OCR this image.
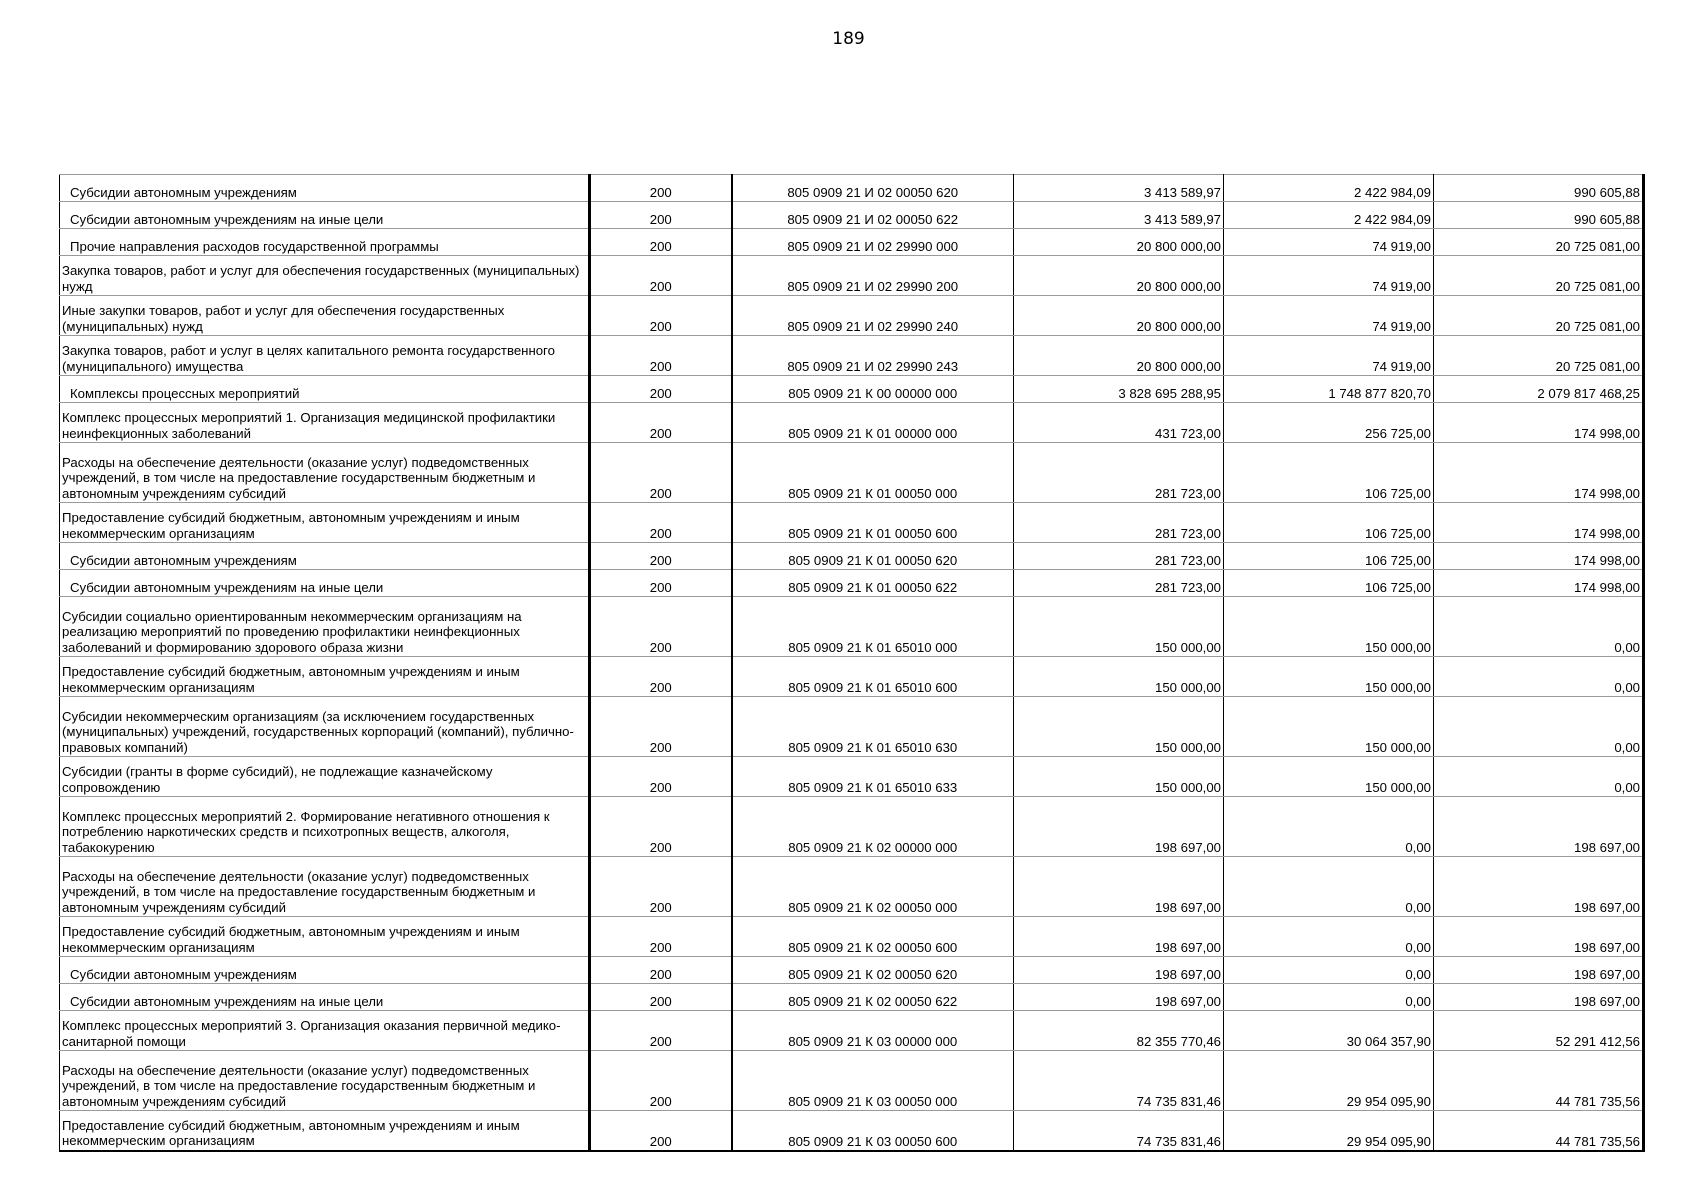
189
Субсидии автономным учреждениям	200	805 0909 21 И 02 00050 620	3 413 589,97	2 422 984,09	990 605,88
Субсидии автономным учреждениям на иные цели	200	805 0909 21 И 02 00050 622	3 413 589,97	2 422 984,09	990 605,88
Прочие направления расходов государственной программы	200	805 0909 21 И 02 29990 000	20 800 000,00	74 919,00	20 725 081,00
Закупка товаров, работ и услуг для обеспечения государственных (муниципальных) нужд	200	805 0909 21 И 02 29990 200	20 800 000,00	74 919,00	20 725 081,00
Иные закупки товаров, работ и услуг для обеспечения государственных (муниципальных) нужд	200	805 0909 21 И 02 29990 240	20 800 000,00	74 919,00	20 725 081,00
Закупка товаров, работ и услуг в целях капитального ремонта государственного (муниципального) имущества	200	805 0909 21 И 02 29990 243	20 800 000,00	74 919,00	20 725 081,00
Комплексы процессных мероприятий	200	805 0909 21 К 00 00000 000	3 828 695 288,95	1 748 877 820,70	2 079 817 468,25
Комплекс процессных мероприятий 1. Организация медицинской профилактики неинфекционных заболеваний	200	805 0909 21 К 01 00000 000	431 723,00	256 725,00	174 998,00
Расходы на обеспечение деятельности (оказание услуг) подведомственных учреждений, в том числе на предоставление государственным бюджетным и автономным учреждениям субсидий	200	805 0909 21 К 01 00050 000	281 723,00	106 725,00	174 998,00
Предоставление субсидий бюджетным, автономным учреждениям и иным некоммерческим организациям	200	805 0909 21 К 01 00050 600	281 723,00	106 725,00	174 998,00
Субсидии автономным учреждениям	200	805 0909 21 К 01 00050 620	281 723,00	106 725,00	174 998,00
Субсидии автономным учреждениям на иные цели	200	805 0909 21 К 01 00050 622	281 723,00	106 725,00	174 998,00
Субсидии социально ориентированным некоммерческим организациям на реализацию мероприятий по проведению профилактики неинфекционных заболеваний и формированию здорового образа жизни	200	805 0909 21 К 01 65010 000	150 000,00	150 000,00	0,00
Предоставление субсидий бюджетным, автономным учреждениям и иным некоммерческим организациям	200	805 0909 21 К 01 65010 600	150 000,00	150 000,00	0,00
Субсидии некоммерческим организациям (за исключением государственных (муниципальных) учреждений, государственных корпораций (компаний), публично-правовых компаний)	200	805 0909 21 К 01 65010 630	150 000,00	150 000,00	0,00
Субсидии (гранты в форме субсидий), не подлежащие казначейскому сопровождению	200	805 0909 21 К 01 65010 633	150 000,00	150 000,00	0,00
Комплекс процессных мероприятий 2. Формирование негативного отношения к потреблению наркотических средств и психотропных веществ, алкоголя, табакокурению	200	805 0909 21 К 02 00000 000	198 697,00	0,00	198 697,00
Расходы на обеспечение деятельности (оказание услуг) подведомственных учреждений, в том числе на предоставление государственным бюджетным и автономным учреждениям субсидий	200	805 0909 21 К 02 00050 000	198 697,00	0,00	198 697,00
Предоставление субсидий бюджетным, автономным учреждениям и иным некоммерческим организациям	200	805 0909 21 К 02 00050 600	198 697,00	0,00	198 697,00
Субсидии автономным учреждениям	200	805 0909 21 К 02 00050 620	198 697,00	0,00	198 697,00
Субсидии автономным учреждениям на иные цели	200	805 0909 21 К 02 00050 622	198 697,00	0,00	198 697,00
Комплекс процессных мероприятий 3. Организация оказания первичной медико-санитарной помощи	200	805 0909 21 К 03 00000 000	82 355 770,46	30 064 357,90	52 291 412,56
Расходы на обеспечение деятельности (оказание услуг) подведомственных учреждений, в том числе на предоставление государственным бюджетным и автономным учреждениям субсидий	200	805 0909 21 К 03 00050 000	74 735 831,46	29 954 095,90	44 781 735,56
Предоставление субсидий бюджетным, автономным учреждениям и иным некоммерческим организациям	200	805 0909 21 К 03 00050 600	74 735 831,46	29 954 095,90	44 781 735,56
